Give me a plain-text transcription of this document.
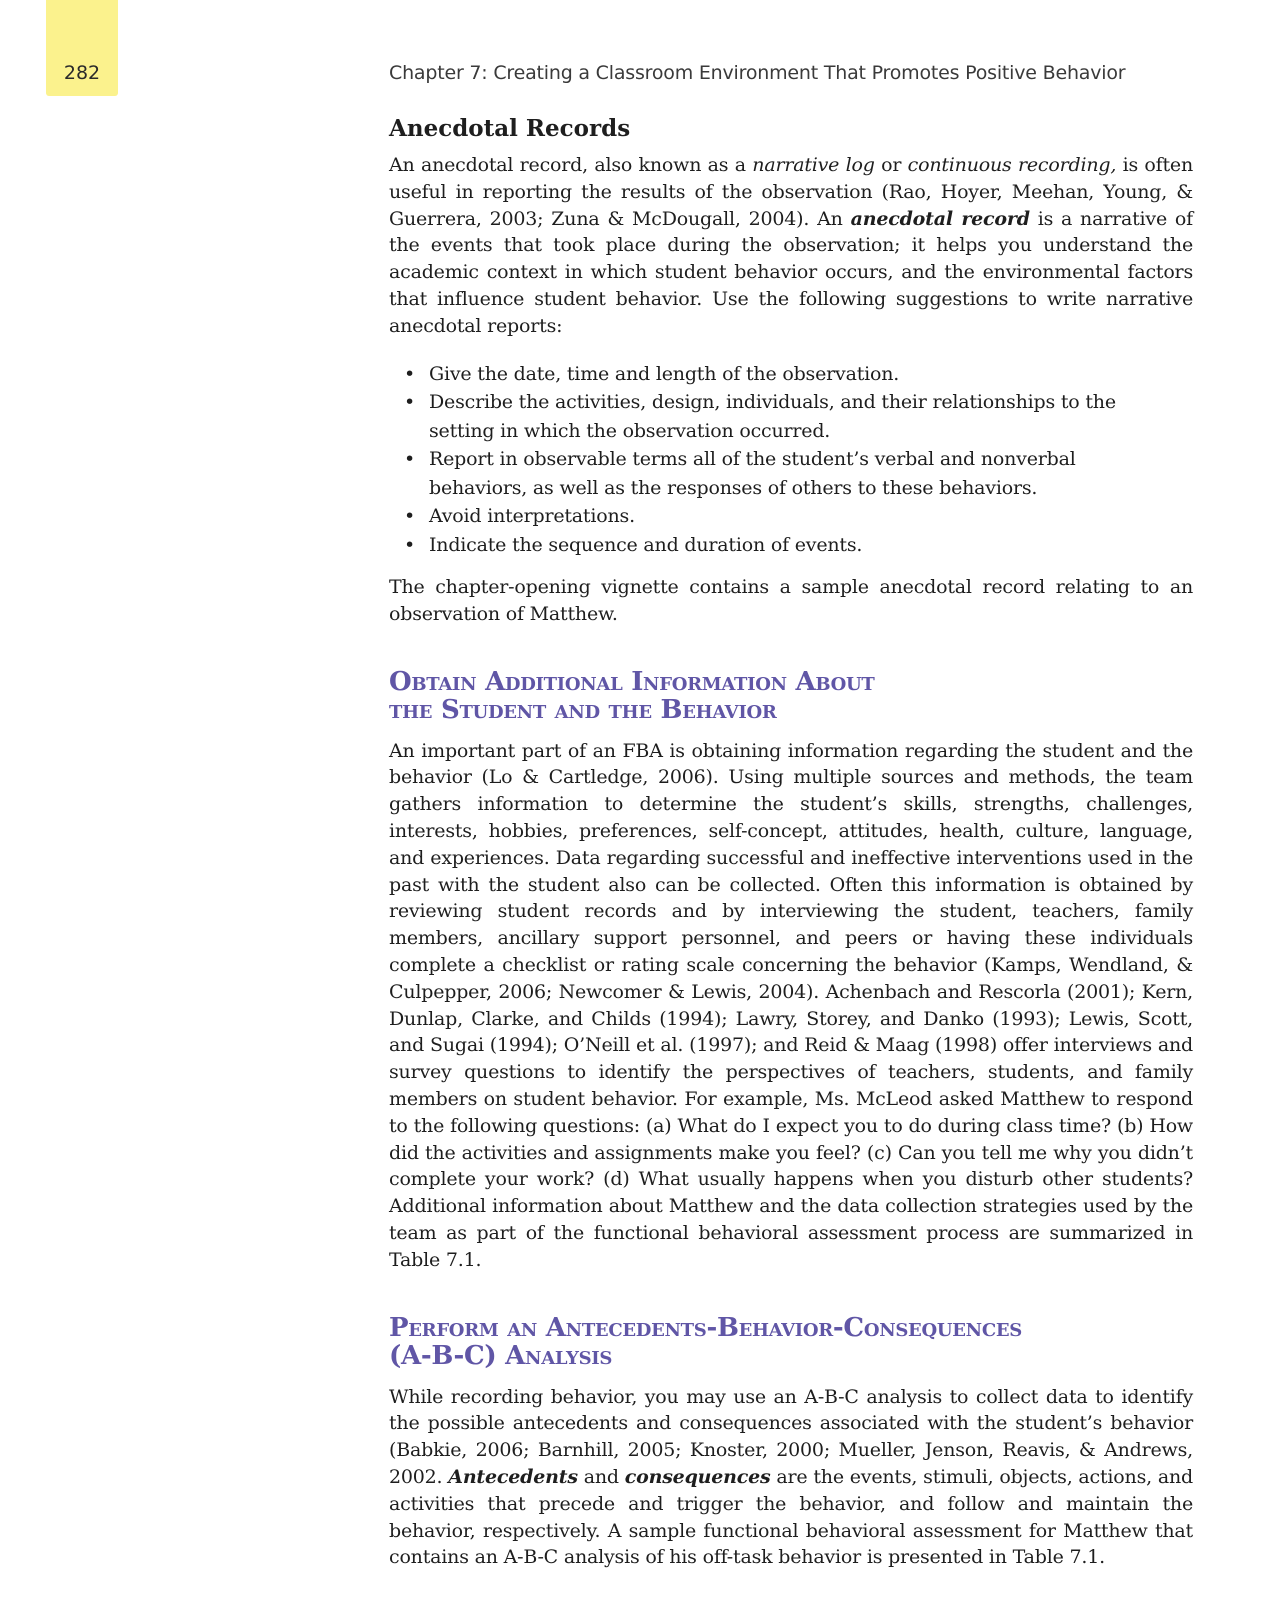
282	Chapter 7: Creating a Classroom Environment That Promotes Positive Behavior
Anecdotal Records

An anecdotal record, also known as a narrative log or continuous recording, is often useful in reporting the results of the observation (Rao, Hoyer, Meehan, Young, & Guerrera, 2003; Zuna & McDougall, 2004). An anecdotal record is a narrative of the events that took place during the observation; it helps you understand the academic context in which student behavior occurs, and the environmental factors that influence student behavior. Use the following suggestions to write narrative anecdotal reports:

• Give the date, time and length of the observation.
• Describe the activities, design, individuals, and their relationships to the setting in which the observation occurred.
• Report in observable terms all of the student’s verbal and nonverbal behaviors, as well as the responses of others to these behaviors.
• Avoid interpretations.
• Indicate the sequence and duration of events.

The chapter-opening vignette contains a sample anecdotal record relating to an observation of Matthew.

Obtain Additional Information About
the Student and the Behavior

An important part of an FBA is obtaining information regarding the student and the behavior (Lo & Cartledge, 2006). Using multiple sources and methods, the team gathers information to determine the student’s skills, strengths, challenges, interests, hobbies, preferences, self-concept, attitudes, health, culture, language, and experiences. Data regarding successful and ineffective interventions used in the past with the student also can be collected. Often this information is obtained by reviewing student records and by interviewing the student, teachers, family members, ancillary support personnel, and peers or having these individuals complete a checklist or rating scale concerning the behavior (Kamps, Wendland, & Culpepper, 2006; Newcomer & Lewis, 2004). Achenbach and Rescorla (2001); Kern, Dunlap, Clarke, and Childs (1994); Lawry, Storey, and Danko (1993); Lewis, Scott, and Sugai (1994); O’Neill et al. (1997); and Reid & Maag (1998) offer interviews and survey questions to identify the perspectives of teachers, students, and family members on student behavior. For example, Ms. McLeod asked Matthew to respond to the following questions: (a) What do I expect you to do during class time? (b) How did the activities and assignments make you feel? (c) Can you tell me why you didn’t complete your work? (d) What usually happens when you disturb other students? Additional information about Matthew and the data collection strategies used by the team as part of the functional behavioral assessment process are summarized in Table 7.1.

Perform an Antecedents-Behavior-Consequences
(A-B-C) Analysis

While recording behavior, you may use an A-B-C analysis to collect data to identify the possible antecedents and consequences associated with the student’s behavior (Babkie, 2006; Barnhill, 2005; Knoster, 2000; Mueller, Jenson, Reavis, & Andrews, 2002. Antecedents and consequences are the events, stimuli, objects, actions, and activities that precede and trigger the behavior, and follow and maintain the behavior, respectively. A sample functional behavioral assessment for Matthew that contains an A-B-C analysis of his off-task behavior is presented in Table 7.1.
